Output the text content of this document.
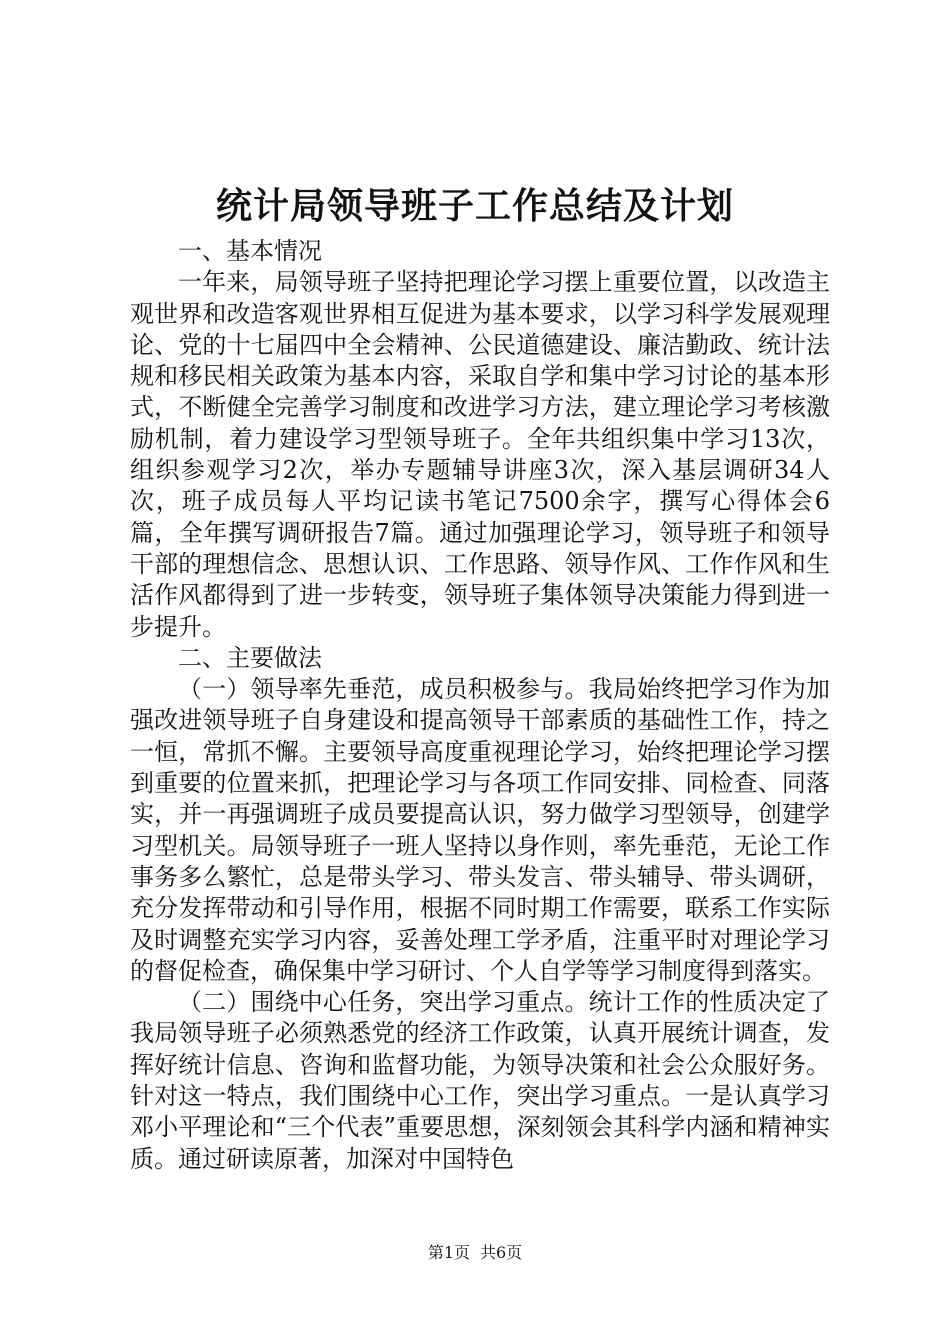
统计局领导班子工作总结及计划

一、基本情况

一年来，局领导班子坚持把理论学习摆上重要位置，以改造主观世界和改造客观世界相互促进为基本要求，以学习科学发展观理论、党的十七届四中全会精神、公民道德建设、廉洁勤政、统计法规和移民相关政策为基本内容，采取自学和集中学习讨论的基本形式，不断健全完善学习制度和改进学习方法，建立理论学习考核激励机制，着力建设学习型领导班子。全年共组织集中学习13次，组织参观学习2次，举办专题辅导讲座3次，深入基层调研34人次，班子成员每人平均记读书笔记7500余字，撰写心得体会6篇，全年撰写调研报告7篇。通过加强理论学习，领导班子和领导干部的理想信念、思想认识、工作思路、领导作风、工作作风和生活作风都得到了进一步转变，领导班子集体领导决策能力得到进一步提升。

二、主要做法

（一）领导率先垂范，成员积极参与。我局始终把学习作为加强改进领导班子自身建设和提高领导干部素质的基础性工作，持之一恒，常抓不懈。主要领导高度重视理论学习，始终把理论学习摆到重要的位置来抓，把理论学习与各项工作同安排、同检查、同落实，并一再强调班子成员要提高认识，努力做学习型领导，创建学习型机关。局领导班子一班人坚持以身作则，率先垂范，无论工作事务多么繁忙，总是带头学习、带头发言、带头辅导、带头调研，充分发挥带动和引导作用，根据不同时期工作需要，联系工作实际及时调整充实学习内容，妥善处理工学矛盾，注重平时对理论学习的督促检查，确保集中学习研讨、个人自学等学习制度得到落实。

（二）围绕中心任务，突出学习重点。统计工作的性质决定了我局领导班子必须熟悉党的经济工作政策，认真开展统计调查，发挥好统计信息、咨询和监督功能，为领导决策和社会公众服好务。针对这一特点，我们围绕中心工作，突出学习重点。一是认真学习邓小平理论和“三个代表”重要思想，深刻领会其科学内涵和精神实质。通过研读原著，加深对中国特色

第1页 共6页
